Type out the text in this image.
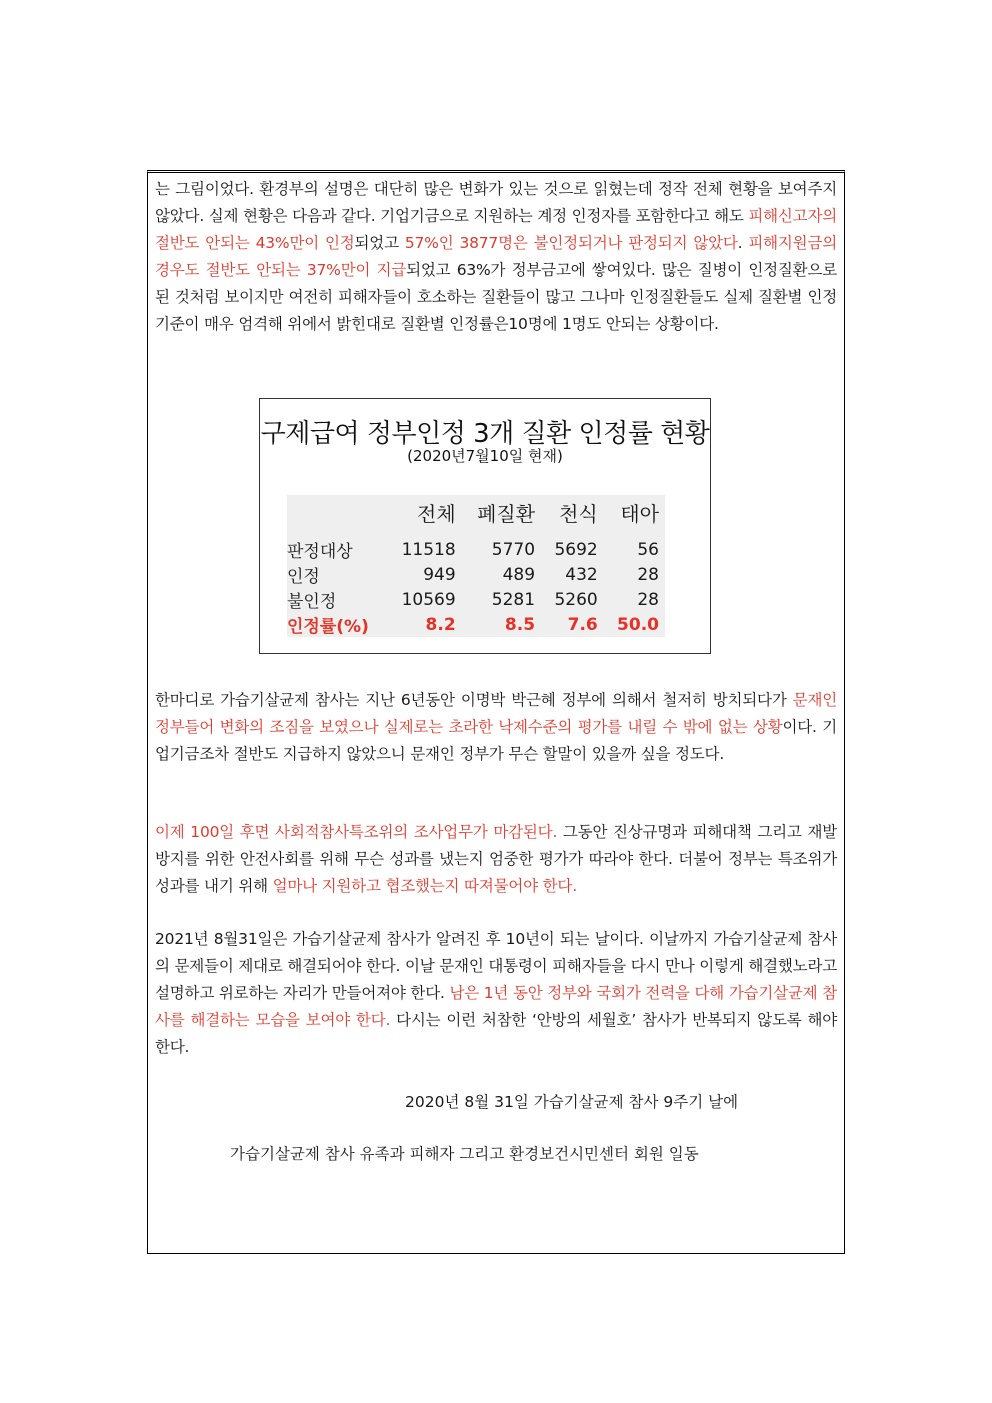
는 그림이었다. 환경부의 설명은 대단히 많은 변화가 있는 것으로 읽혔는데 정작 전체 현황을 보여주지 않았다. 실제 현황은 다음과 같다. 기업기금으로 지원하는 계정 인정자를 포함한다고 해도 피해신고자의 절반도 안되는 43%만이 인정되었고 57%인 3877명은 불인정되거나 판정되지 않았다. 피해지원금의 경우도 절반도 안되는 37%만이 지급되었고 63%가 정부금고에 쌓여있다. 많은 질병이 인정질환으로 된 것처럼 보이지만 여전히 피해자들이 호소하는 질환들이 많고 그나마 인정질환들도 실제 질환별 인정기준이 매우 엄격해 위에서 밝힌대로 질환별 인정률은10명에 1명도 안되는 상황이다.

구제급여 정부인정 3개 질환 인정률 현황
(2020년7월10일 현재)
	전체	폐질환	천식	태아

판정대상	11518	5770	5692	56
인정	949	489	432	28
불인정	10569	5281	5260	28
인정률(%)	8.2	8.5	7.6	50.0

한마디로 가습기살균제 참사는 지난 6년동안 이명박 박근혜 정부에 의해서 철저히 방치되다가 문재인 정부들어 변화의 조짐을 보였으나 실제로는 초라한 낙제수준의 평가를 내릴 수 밖에 없는 상황이다. 기업기금조차 절반도 지급하지 않았으니 문재인 정부가 무슨 할말이 있을까 싶을 정도다.

이제 100일 후면 사회적참사특조위의 조사업무가 마감된다. 그동안 진상규명과 피해대책 그리고 재발방지를 위한 안전사회를 위해 무슨 성과를 냈는지 엄중한 평가가 따라야 한다. 더불어 정부는 특조위가 성과를 내기 위해 얼마나 지원하고 협조했는지 따져물어야 한다.

2021년 8월31일은 가습기살균제 참사가 알려진 후 10년이 되는 날이다. 이날까지 가습기살균제 참사의 문제들이 제대로 해결되어야 한다. 이날 문재인 대통령이 피해자들을 다시 만나 이렇게 해결했노라고 설명하고 위로하는 자리가 만들어져야 한다. 남은 1년 동안 정부와 국회가 전력을 다해 가습기살균제 참사를 해결하는 모습을 보여야 한다. 다시는 이런 처참한 ‘안방의 세월호’ 참사가 반복되지 않도록 해야 한다.

2020년 8월 31일 가습기살균제 참사 9주기 날에
가습기살균제 참사 유족과 피해자 그리고 환경보건시민센터 회원 일동
